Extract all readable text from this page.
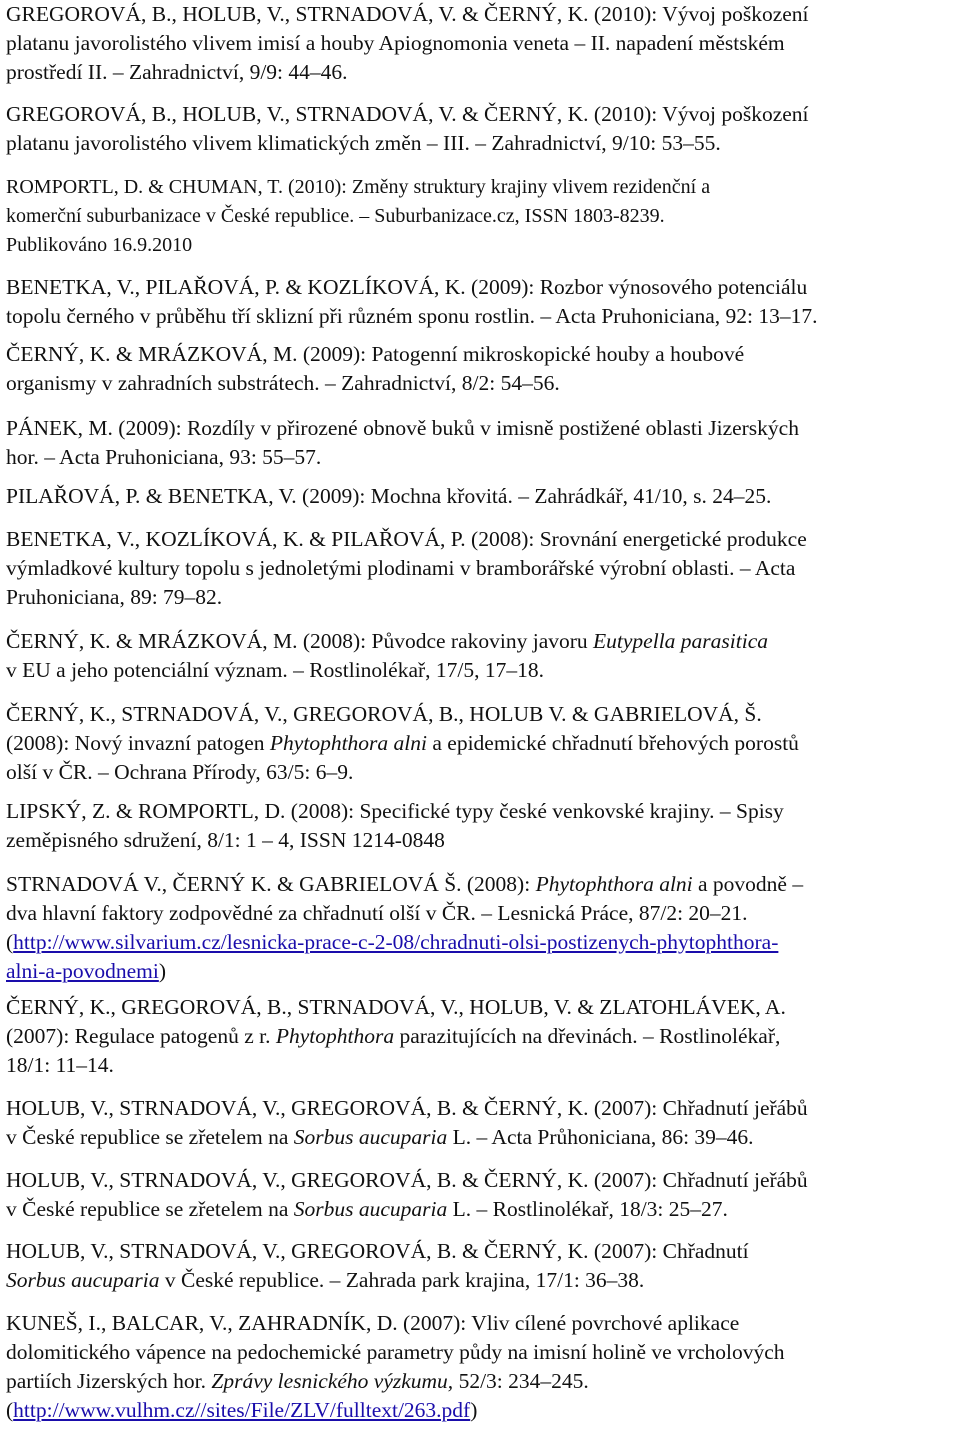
GREGOROVÁ, B., HOLUB, V., STRNADOVÁ, V. & ČERNÝ, K. (2010): Vývoj poškození
platanu javorolistého vlivem imisí a houby Apiognomonia veneta – II. napadení městském
prostředí II. – Zahradnictví, 9/9: 44–46.

GREGOROVÁ, B., HOLUB, V., STRNADOVÁ, V. & ČERNÝ, K. (2010): Vývoj poškození
platanu javorolistého vlivem klimatických změn – III. – Zahradnictví, 9/10: 53–55.

ROMPORTL, D. & CHUMAN, T. (2010): Změny struktury krajiny vlivem rezidenční a
komerční suburbanizace v České republice. – Suburbanizace.cz, ISSN 1803-8239.
Publikováno 16.9.2010

BENETKA, V., PILAŘOVÁ, P. & KOZLÍKOVÁ, K. (2009): Rozbor výnosového potenciálu
topolu černého v průběhu tří sklizní při různém sponu rostlin. – Acta Pruhoniciana, 92: 13–17.

ČERNÝ, K. & MRÁZKOVÁ, M. (2009): Patogenní mikroskopické houby a houbové
organismy v zahradních substrátech. – Zahradnictví, 8/2: 54–56.

PÁNEK, M. (2009): Rozdíly v přirozené obnově buků v imisně postižené oblasti Jizerských
hor. – Acta Pruhoniciana, 93: 55–57.

PILAŘOVÁ, P. & BENETKA, V. (2009): Mochna křovitá. – Zahrádkář, 41/10, s. 24–25.

BENETKA, V., KOZLÍKOVÁ, K. & PILAŘOVÁ, P. (2008): Srovnání energetické produkce
výmladkové kultury topolu s jednoletými plodinami v bramborářské výrobní oblasti. – Acta
Pruhoniciana, 89: 79–82.

ČERNÝ, K. & MRÁZKOVÁ, M. (2008): Původce rakoviny javoru Eutypella parasitica
v EU a jeho potenciální význam. – Rostlinolékař, 17/5, 17–18.

ČERNÝ, K., STRNADOVÁ, V., GREGOROVÁ, B., HOLUB V. & GABRIELOVÁ, Š.
(2008): Nový invazní patogen Phytophthora alni a epidemické chřadnutí břehových porostů
olší v ČR. – Ochrana Přírody, 63/5: 6–9.

LIPSKÝ, Z. & ROMPORTL, D. (2008): Specifické typy české venkovské krajiny. – Spisy
zeměpisného sdružení, 8/1: 1 – 4, ISSN 1214-0848

STRNADOVÁ V., ČERNÝ K. & GABRIELOVÁ Š. (2008): Phytophthora alni a povodně –
dva hlavní faktory zodpovědné za chřadnutí olší v ČR. – Lesnická Práce, 87/2: 20–21.
(http://www.silvarium.cz/lesnicka-prace-c-2-08/chradnuti-olsi-postizenych-phytophthora-
alni-a-povodnemi)

ČERNÝ, K., GREGOROVÁ, B., STRNADOVÁ, V., HOLUB, V. & ZLATOHLÁVEK, A.
(2007): Regulace patogenů z r. Phytophthora parazitujících na dřevinách. – Rostlinolékař,
18/1: 11–14.

HOLUB, V., STRNADOVÁ, V., GREGOROVÁ, B. & ČERNÝ, K. (2007): Chřadnutí jeřábů
v České republice se zřetelem na Sorbus aucuparia L. – Acta Průhoniciana, 86: 39–46.

HOLUB, V., STRNADOVÁ, V., GREGOROVÁ, B. & ČERNÝ, K. (2007): Chřadnutí jeřábů
v České republice se zřetelem na Sorbus aucuparia L. – Rostlinolékař, 18/3: 25–27.

HOLUB, V., STRNADOVÁ, V., GREGOROVÁ, B. & ČERNÝ, K. (2007): Chřadnutí
Sorbus aucuparia v České republice. – Zahrada park krajina, 17/1: 36–38.

KUNEŠ, I., BALCAR, V., ZAHRADNÍK, D. (2007): Vliv cílené povrchové aplikace
dolomitického vápence na pedochemické parametry půdy na imisní holině ve vrcholových
partiích Jizerských hor. Zprávy lesnického výzkumu, 52/3: 234–245.
(http://www.vulhm.cz//sites/File/ZLV/fulltext/263.pdf)
